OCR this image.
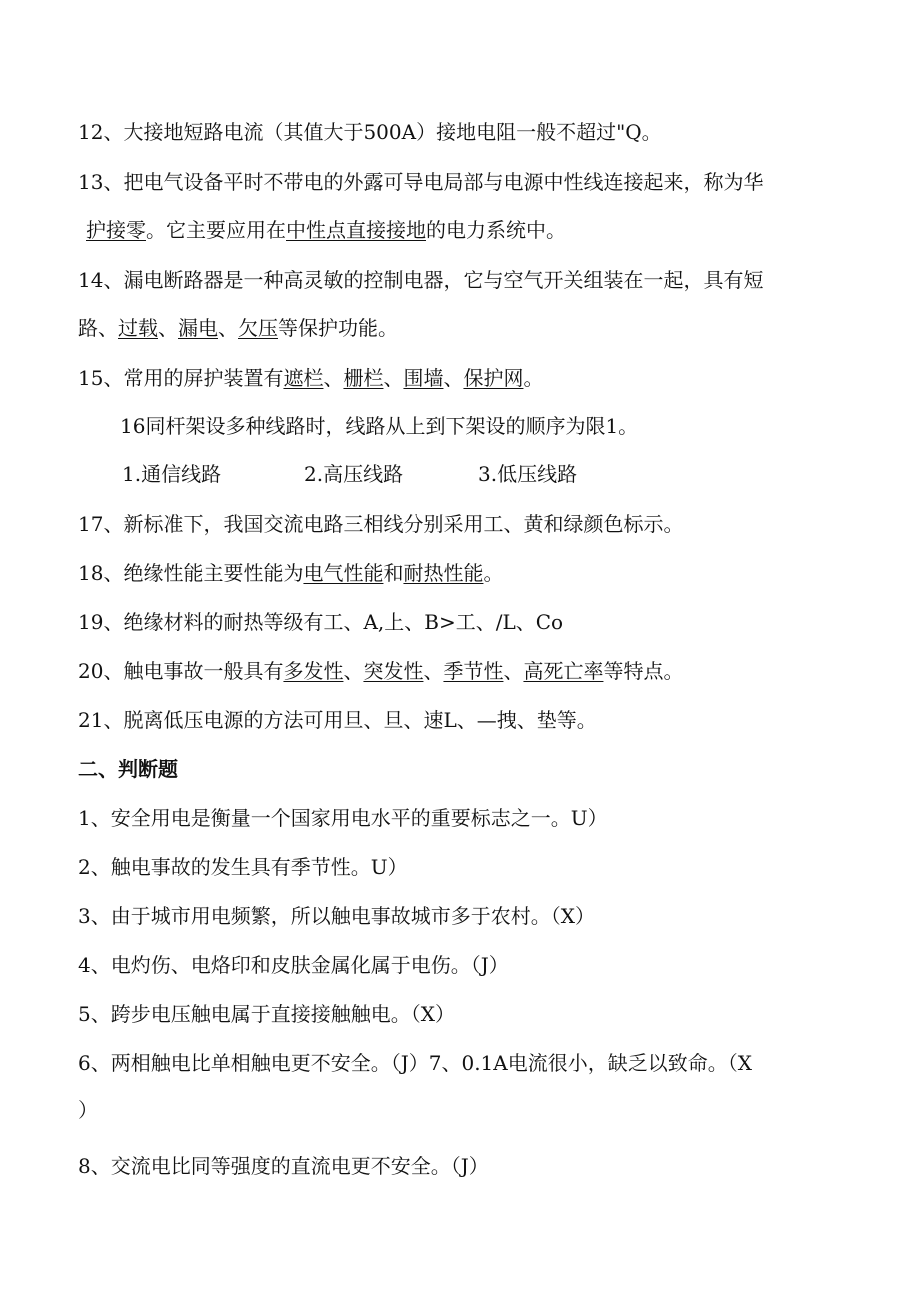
12、大接地短路电流（其值大于500A）接地电阻一般不超过"Q。
13、把电气设备平时不带电的外露可导电局部与电源中性线连接起来，称为华
护接零。它主要应用在中性点直接接地的电力系统中。
14、漏电断路器是一种高灵敏的控制电器，它与空气开关组装在一起，具有短
路、过载、漏电、欠压等保护功能。
15、常用的屏护装置有遮栏、栅栏、围墙、保护网。
16同杆架设多种线路时，线路从上到下架设的顺序为限1。
1.通信线路	2.高压线路	3.低压线路
17、新标准下，我国交流电路三相线分别采用工、黄和绿颜色标示。
18、绝缘性能主要性能为电气性能和耐热性能。
19、绝缘材料的耐热等级有工、A,上、B>工、/L、Co
20、触电事故一般具有多发性、突发性、季节性、高死亡率等特点。
21、脱离低压电源的方法可用旦、旦、速L、—拽、垫等。
二、判断题
1、安全用电是衡量一个国家用电水平的重要标志之一。U）
2、触电事故的发生具有季节性。U）
3、由于城市用电频繁，所以触电事故城市多于农村。（X）
4、电灼伤、电烙印和皮肤金属化属于电伤。（J）
5、跨步电压触电属于直接接触触电。（X）
6、两相触电比单相触电更不安全。（J）7、0.1A电流很小，缺乏以致命。（X
）
8、交流电比同等强度的直流电更不安全。（J）
